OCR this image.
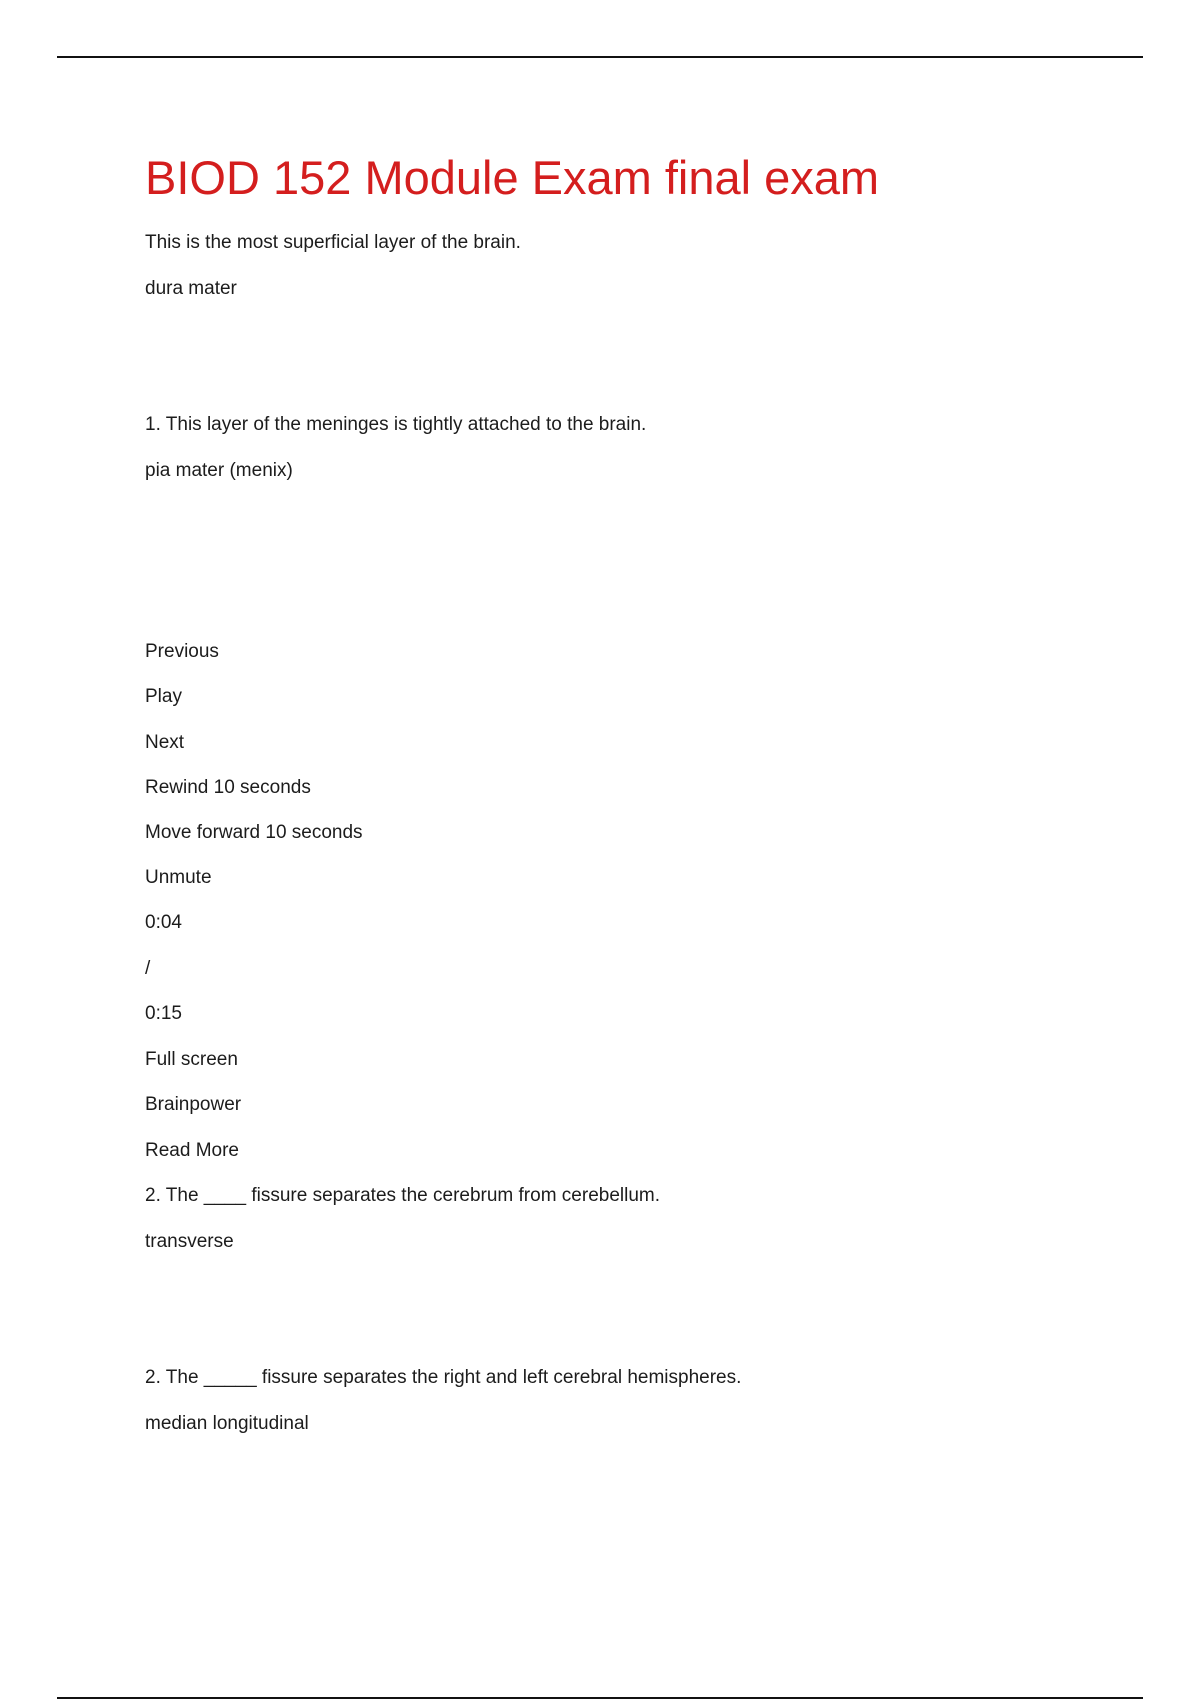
BIOD 152 Module Exam final exam
This is the most superficial layer of the brain.
dura mater
1. This layer of the meninges is tightly attached to the brain.
pia mater (menix)
Previous
Play
Next
Rewind 10 seconds
Move forward 10 seconds
Unmute
0:04
/
0:15
Full screen
Brainpower
Read More
2. The ____ fissure separates the cerebrum from cerebellum.
transverse
2. The _____ fissure separates the right and left cerebral hemispheres.
median longitudinal
